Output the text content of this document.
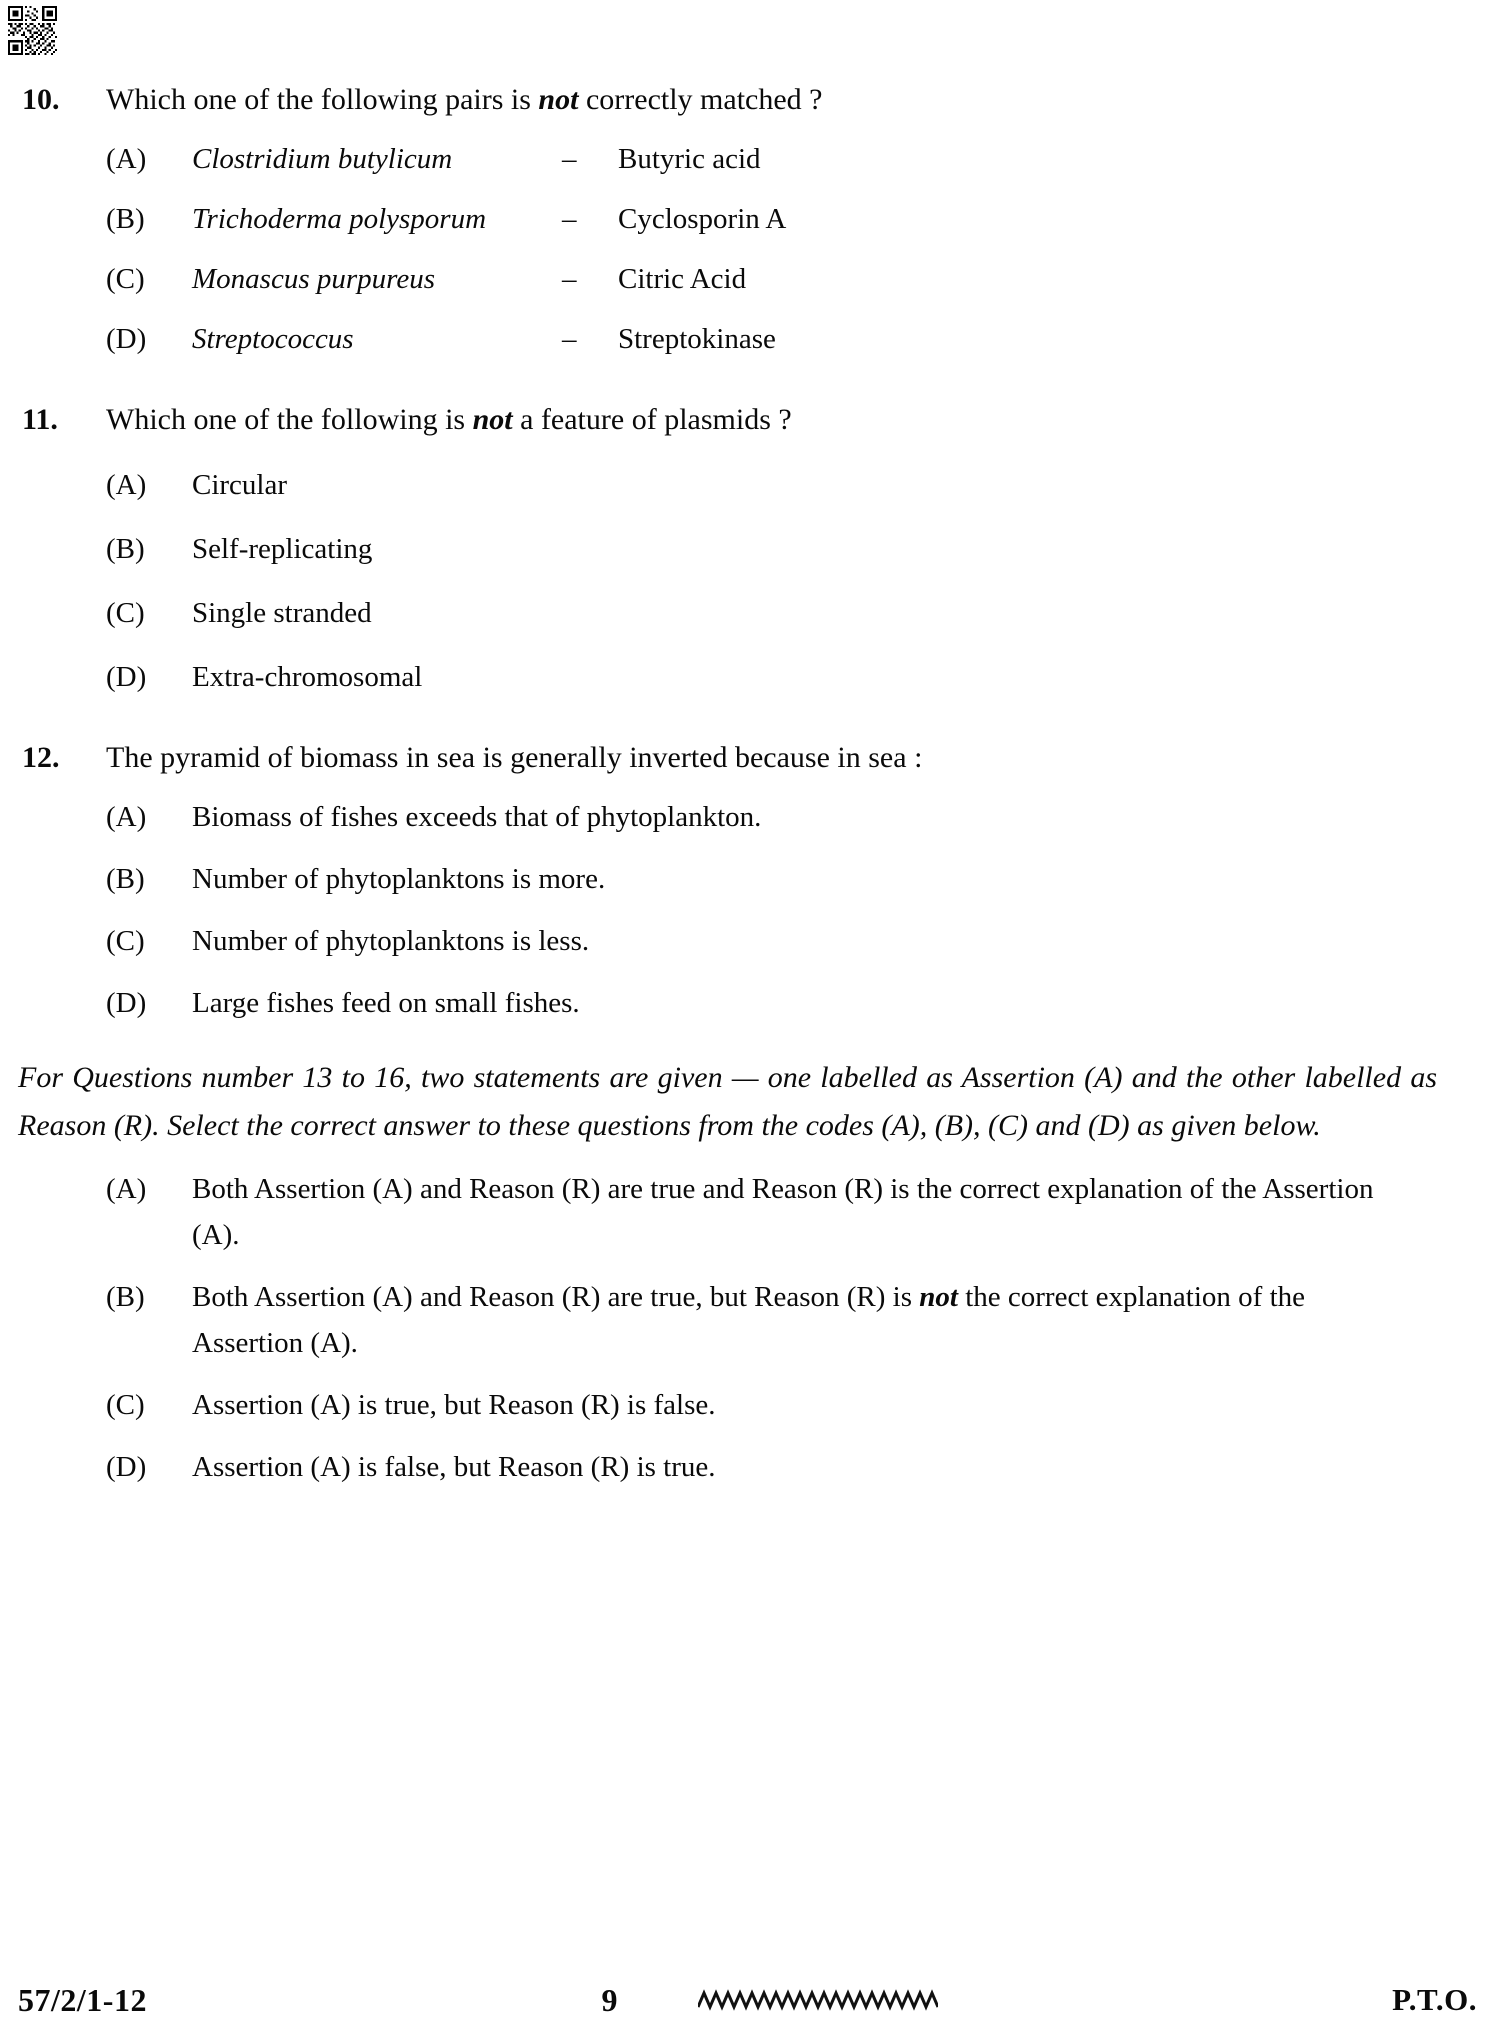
10.	Which one of the following pairs is not correctly matched ?
(A)	Clostridium butylicum	–	Butyric acid
(B)	Trichoderma polysporum	–	Cyclosporin A
(C)	Monascus purpureus	–	Citric Acid
(D)	Streptococcus	–	Streptokinase
11.	Which one of the following is not a feature of plasmids ?
(A)	Circular
(B)	Self-replicating
(C)	Single stranded
(D)	Extra-chromosomal
12.	The pyramid of biomass in sea is generally inverted because in sea :
(A)	Biomass of fishes exceeds that of phytoplankton.
(B)	Number of phytoplanktons is more.
(C)	Number of phytoplanktons is less.
(D)	Large fishes feed on small fishes.
For Questions number 13 to 16, two statements are given — one labelled as Assertion (A) and the other labelled as Reason (R). Select the correct answer to these questions from the codes (A), (B), (C) and (D) as given below.
(A)	Both Assertion (A) and Reason (R) are true and Reason (R) is the correct explanation of the Assertion (A).
(B)	Both Assertion (A) and Reason (R) are true, but Reason (R) is not the correct explanation of the Assertion (A).
(C)	Assertion (A) is true, but Reason (R) is false.
(D)	Assertion (A) is false, but Reason (R) is true.
57/2/1-12	9	P.T.O.
